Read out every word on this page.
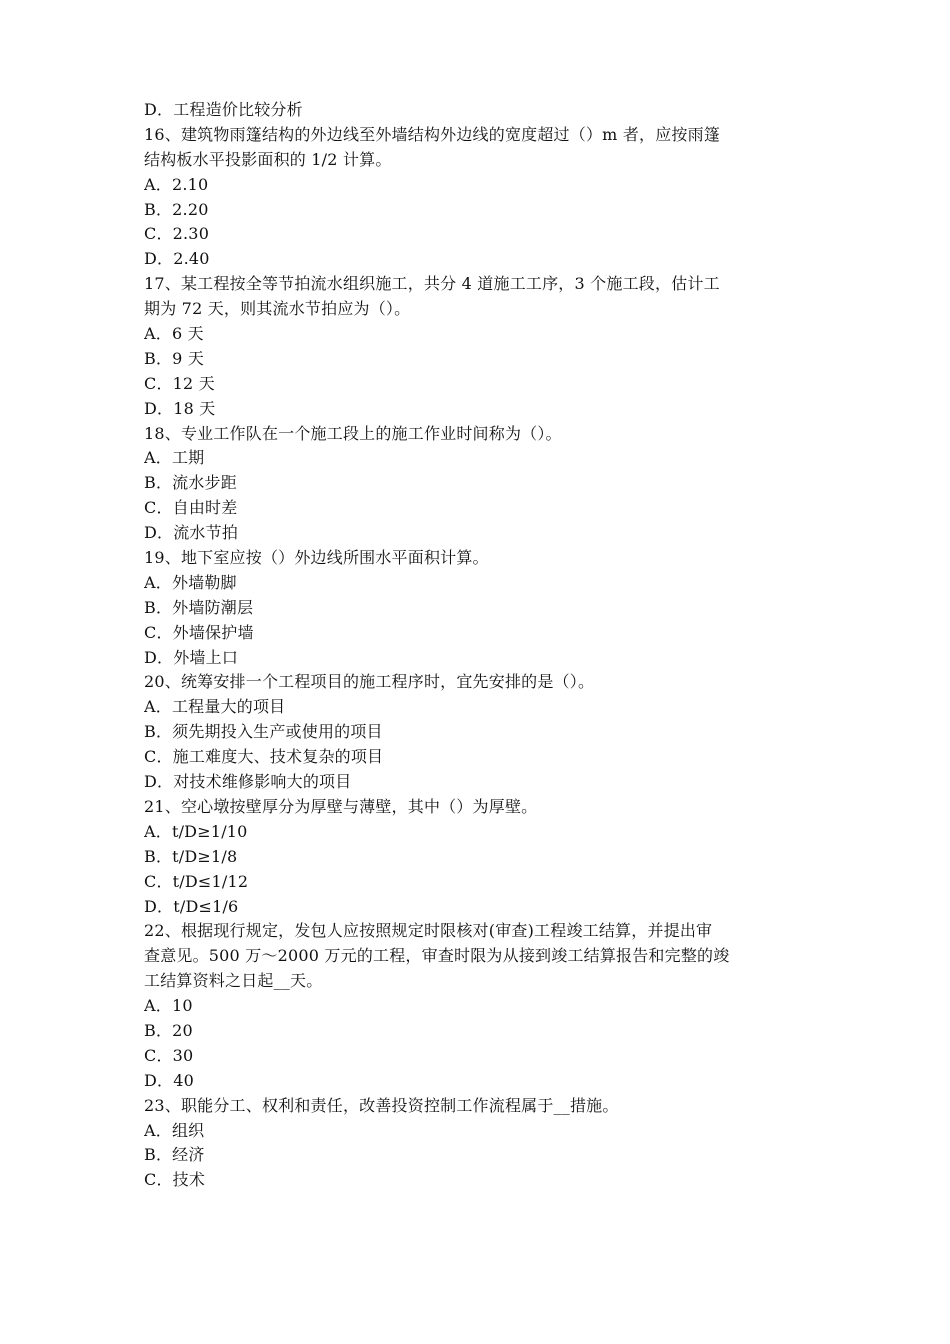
D．工程造价比较分析
16、建筑物雨篷结构的外边线至外墙结构外边线的宽度超过（）m 者，应按雨篷
结构板水平投影面积的 1/2 计算。
A．2.10
B．2.20
C．2.30
D．2.40
17、某工程按全等节拍流水组织施工，共分 4 道施工工序，3 个施工段，估计工
期为 72 天，则其流水节拍应为（）。
A．6 天
B．9 天
C．12 天
D．18 天
18、专业工作队在一个施工段上的施工作业时间称为（）。
A．工期
B．流水步距
C．自由时差
D．流水节拍
19、地下室应按（）外边线所围水平面积计算。
A．外墙勒脚
B．外墙防潮层
C．外墙保护墙
D．外墙上口
20、统筹安排一个工程项目的施工程序时，宜先安排的是（）。
A．工程量大的项目
B．须先期投入生产或使用的项目
C．施工难度大、技术复杂的项目
D．对技术维修影响大的项目
21、空心墩按壁厚分为厚壁与薄壁，其中（）为厚壁。
A．t/D≥1/10
B．t/D≥1/8
C．t/D≤1/12
D．t/D≤1/6
22、根据现行规定，发包人应按照规定时限核对(审查)工程竣工结算，并提出审
查意见。500 万～2000 万元的工程，审查时限为从接到竣工结算报告和完整的竣
工结算资料之日起__天。
A．10
B．20
C．30
D．40
23、职能分工、权利和责任，改善投资控制工作流程属于__措施。
A．组织
B．经济
C．技术
